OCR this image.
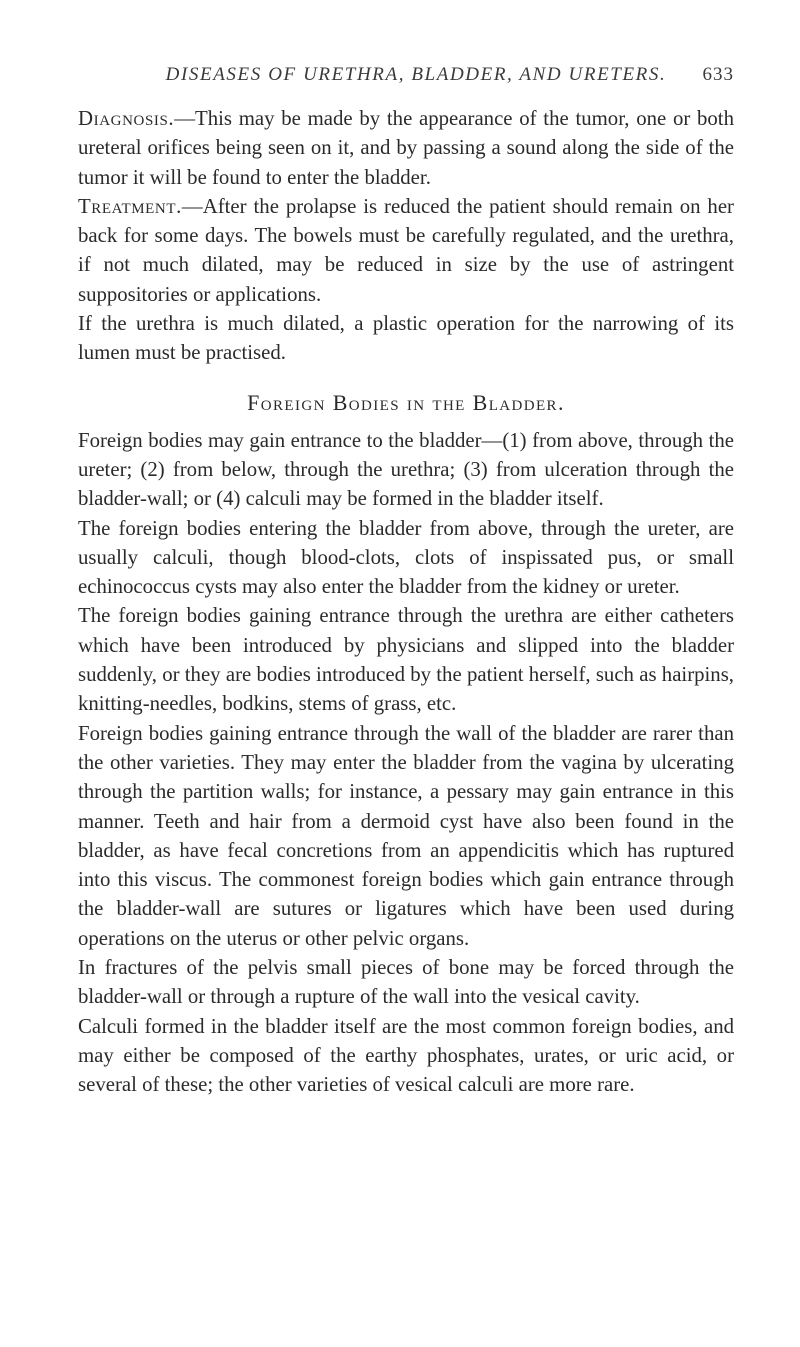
DISEASES OF URETHRA, BLADDER, AND URETERS. 633

Diagnosis.—This may be made by the appearance of the tumor, one or both ureteral orifices being seen on it, and by passing a sound along the side of the tumor it will be found to enter the bladder.

Treatment.—After the prolapse is reduced the patient should remain on her back for some days. The bowels must be carefully regulated, and the urethra, if not much dilated, may be reduced in size by the use of astringent suppositories or applications.

If the urethra is much dilated, a plastic operation for the narrowing of its lumen must be practised.

Foreign Bodies in the Bladder.

Foreign bodies may gain entrance to the bladder—(1) from above, through the ureter; (2) from below, through the urethra; (3) from ulceration through the bladder-wall; or (4) calculi may be formed in the bladder itself.

The foreign bodies entering the bladder from above, through the ureter, are usually calculi, though blood-clots, clots of inspissated pus, or small echinococcus cysts may also enter the bladder from the kidney or ureter.

The foreign bodies gaining entrance through the urethra are either catheters which have been introduced by physicians and slipped into the bladder suddenly, or they are bodies introduced by the patient herself, such as hairpins, knitting-needles, bodkins, stems of grass, etc.

Foreign bodies gaining entrance through the wall of the bladder are rarer than the other varieties. They may enter the bladder from the vagina by ulcerating through the partition walls; for instance, a pessary may gain entrance in this manner. Teeth and hair from a dermoid cyst have also been found in the bladder, as have fecal concretions from an appendicitis which has ruptured into this viscus. The commonest foreign bodies which gain entrance through the bladder-wall are sutures or ligatures which have been used during operations on the uterus or other pelvic organs.

In fractures of the pelvis small pieces of bone may be forced through the bladder-wall or through a rupture of the wall into the vesical cavity.

Calculi formed in the bladder itself are the most common foreign bodies, and may either be composed of the earthy phosphates, urates, or uric acid, or several of these; the other varieties of vesical calculi are more rare.
